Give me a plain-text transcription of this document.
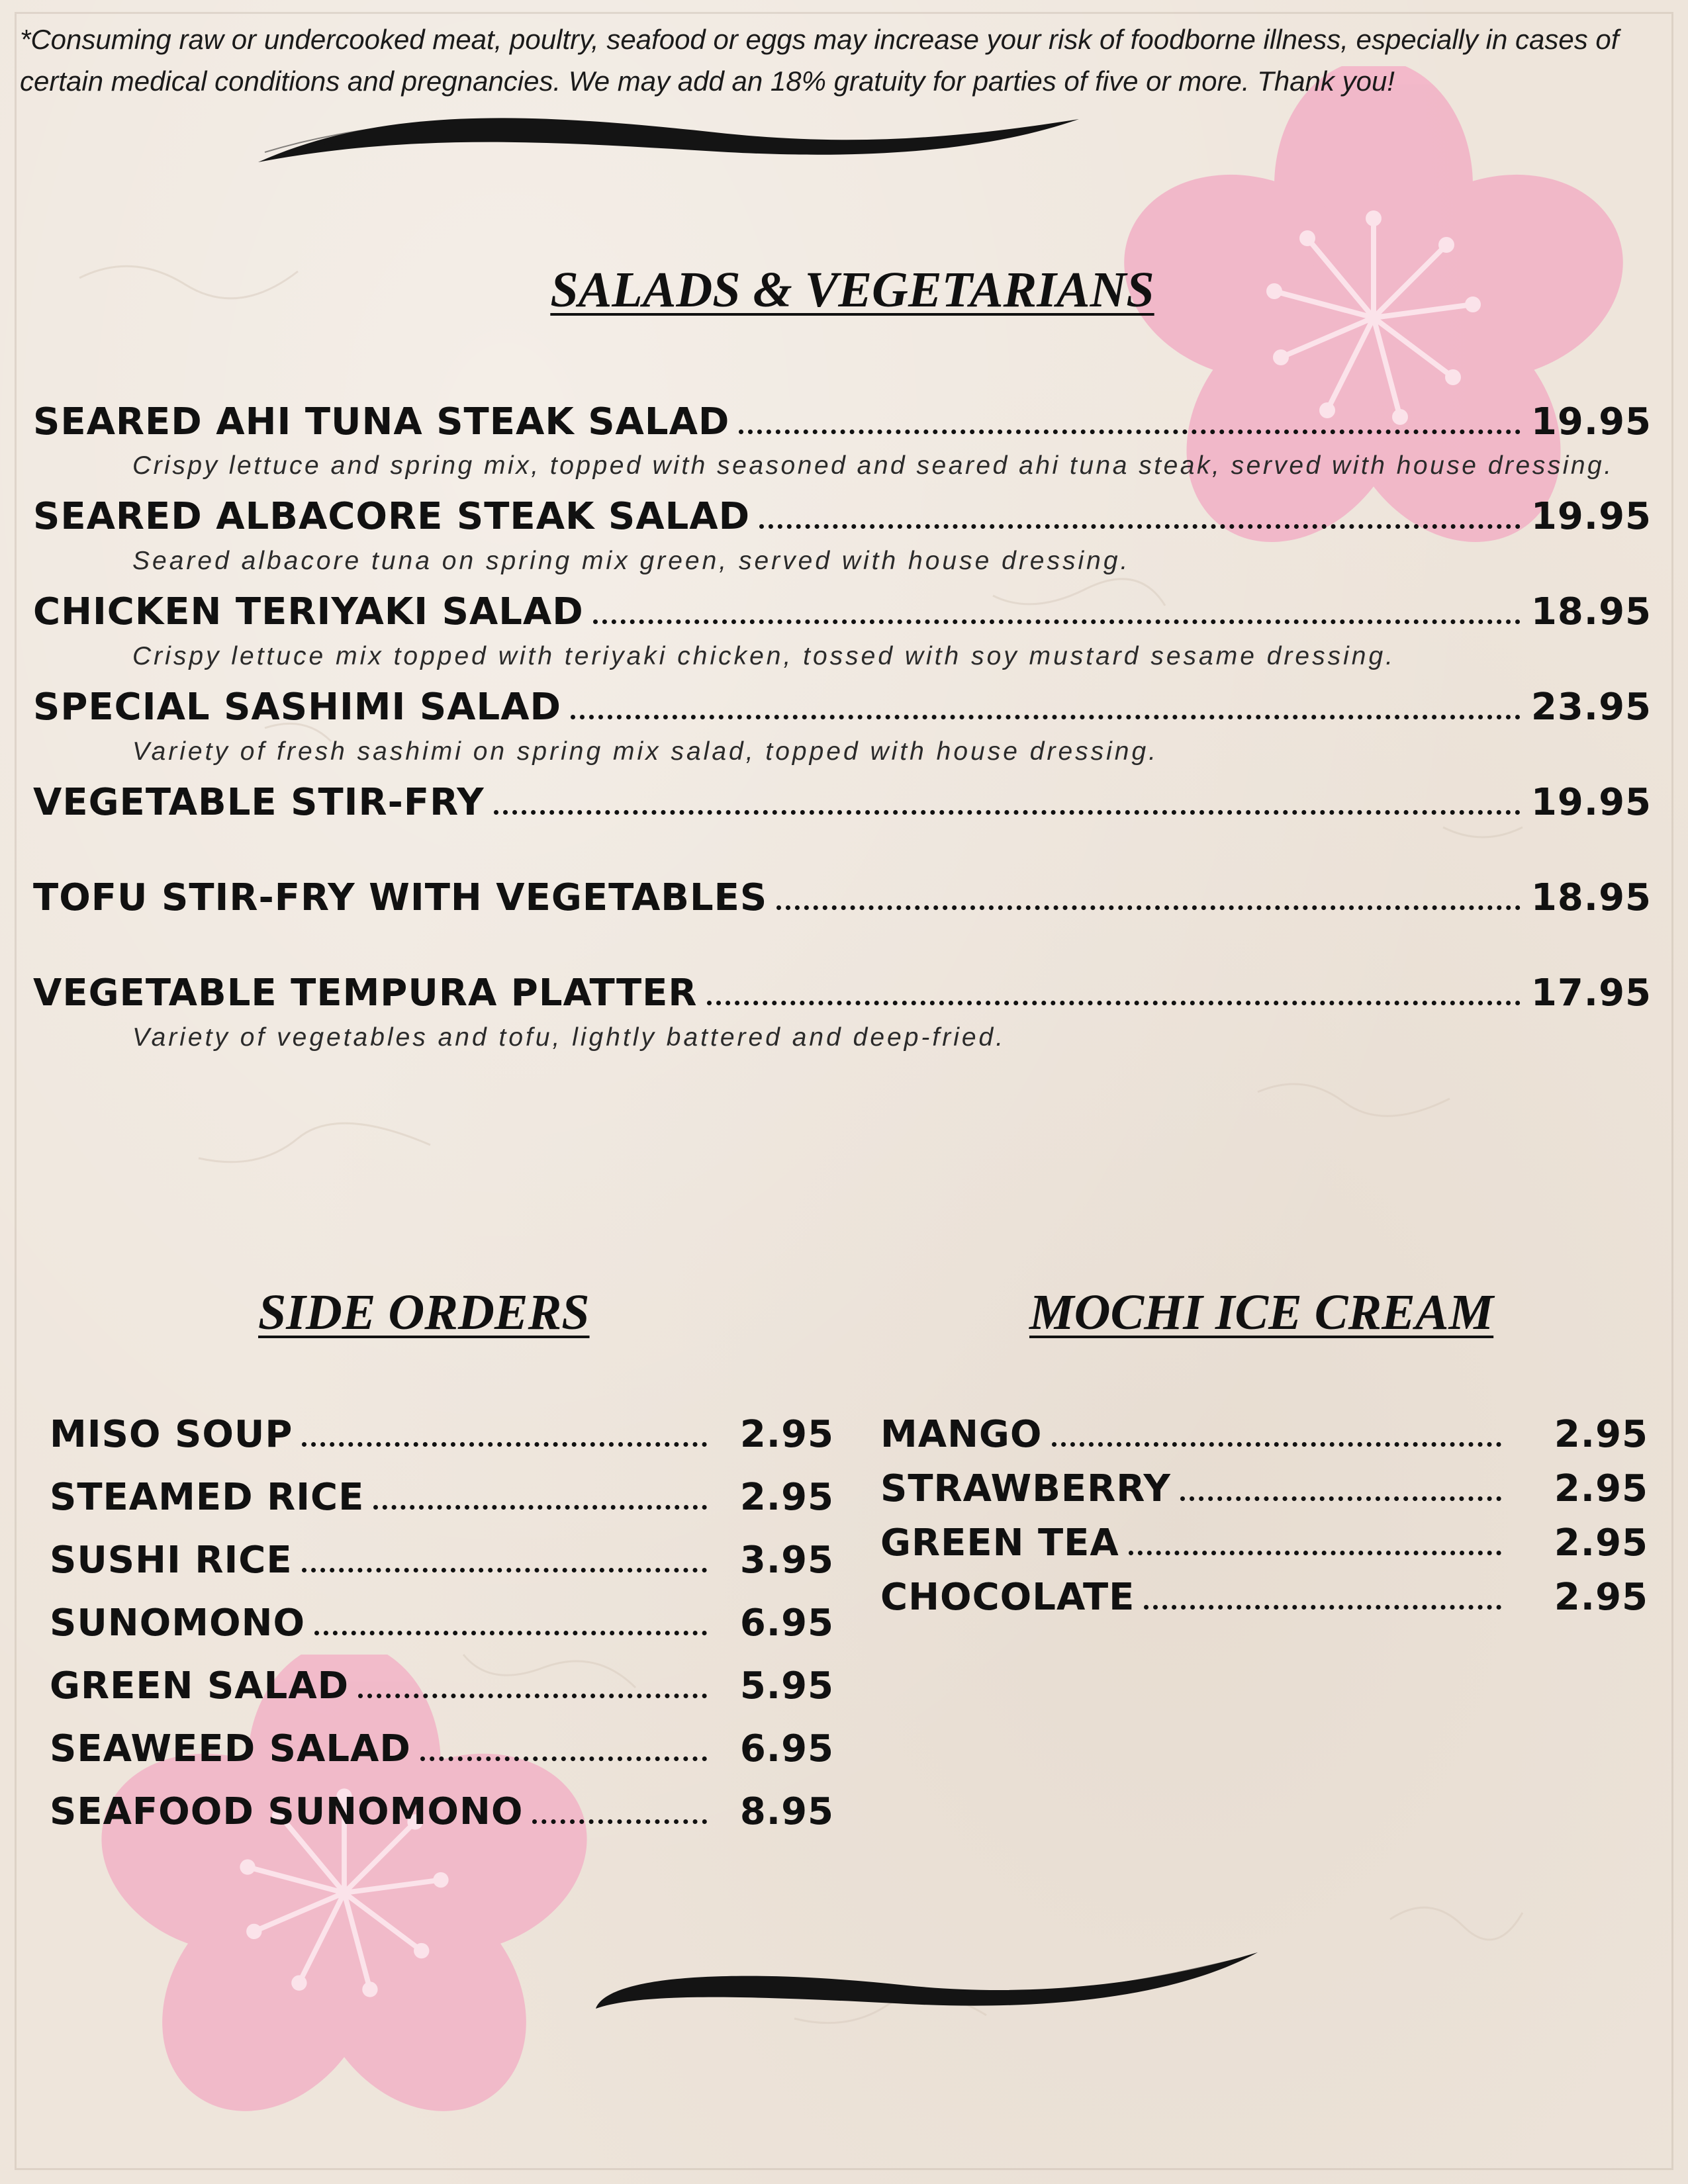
*Consuming raw or undercooked meat, poultry, seafood or eggs may increase your risk of foodborne illness, especially in cases of certain medical conditions and pregnancies. We may add an 18% gratuity for parties of five or more. Thank you!
SALADS & VEGETARIANS
SEARED AHI TUNA STEAK SALAD	19.95
Crispy lettuce and spring mix, topped with seasoned and seared ahi tuna steak, served with house dressing.
SEARED ALBACORE STEAK SALAD	19.95
Seared albacore tuna on spring mix green, served with house dressing.
CHICKEN TERIYAKI SALAD	18.95
Crispy lettuce mix topped with teriyaki chicken, tossed with soy mustard sesame dressing.
SPECIAL SASHIMI SALAD	23.95
Variety of fresh sashimi on spring mix salad, topped with house dressing.
VEGETABLE STIR-FRY	19.95
TOFU STIR-FRY WITH VEGETABLES	18.95
VEGETABLE TEMPURA PLATTER	17.95
Variety of vegetables and tofu, lightly battered and deep-fried.
SIDE ORDERS
MISO SOUP	2.95
STEAMED RICE	2.95
SUSHI RICE	3.95
SUNOMONO	6.95
GREEN SALAD	5.95
SEAWEED SALAD	6.95
SEAFOOD SUNOMONO	8.95
MOCHI ICE CREAM
MANGO	2.95
STRAWBERRY	2.95
GREEN TEA	2.95
CHOCOLATE	2.95
